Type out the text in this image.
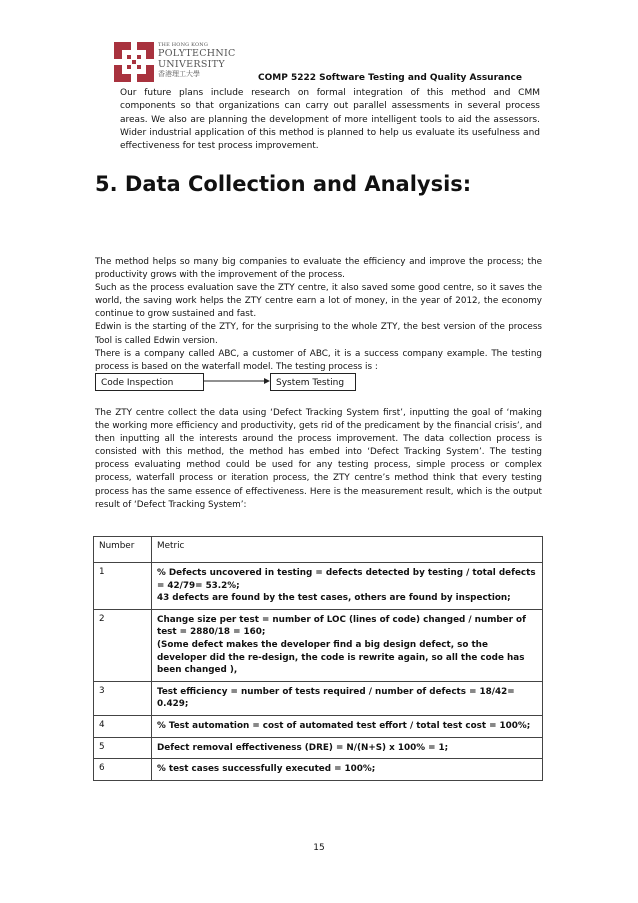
THE HONG KONG
POLYTECHNIC UNIVERSITY
香港理工大學	COMP 5222 Software Testing and Quality Assurance

Our future plans include research on formal integration of this method and CMM components so that organizations can carry out parallel assessments in several process areas. We also are planning the development of more intelligent tools to aid the assessors. Wider industrial application of this method is planned to help us evaluate its usefulness and effectiveness for test process improvement.

5. Data Collection and Analysis:

The method helps so many big companies to evaluate the efficiency and improve the process; the productivity grows with the improvement of the process.

Such as the process evaluation save the ZTY centre, it also saved some good centre, so it saves the world, the saving work helps the ZTY centre earn a lot of money, in the year of 2012, the economy continue to grow sustained and fast.

Edwin is the starting of the ZTY, for the surprising to the whole ZTY, the best version of the process Tool is called Edwin version.

There is a company called ABC, a customer of ABC, it is a success company example. The testing process is based on the waterfall model. The testing process is :

Code Inspection	System Testing

The ZTY centre collect the data using ‘Defect Tracking System first’, inputting the goal of ‘making the working more efficiency and productivity, gets rid of the predicament by the financial crisis’, and then inputting all the interests around the process improvement. The data collection process is consisted with this method, the method has embed into ‘Defect Tracking System’. The testing process evaluating method could be used for any testing process, simple process or complex process, waterfall process or iteration process, the ZTY centre’s method think that every testing process has the same essence of effectiveness. Here is the measurement result, which is the output result of ‘Defect Tracking System’:

Number	Metric
1	% Defects uncovered in testing = defects detected by testing / total defects = 42/79= 53.2%;
43 defects are found by the test cases, others are found by inspection;

2	Change size per test = number of LOC (lines of code) changed / number of test = 2880/18 = 160;
(Some defect makes the developer find a big design defect, so the developer did the re-design, the code is rewrite again, so all the code has been changed ),

3	Test efficiency = number of tests required / number of defects = 18/42= 0.429;

4	% Test automation = cost of automated test effort / total test cost = 100%;

5	Defect removal effectiveness (DRE) = N/(N+S) x 100% = 1;

6	% test cases successfully executed = 100%;
15
